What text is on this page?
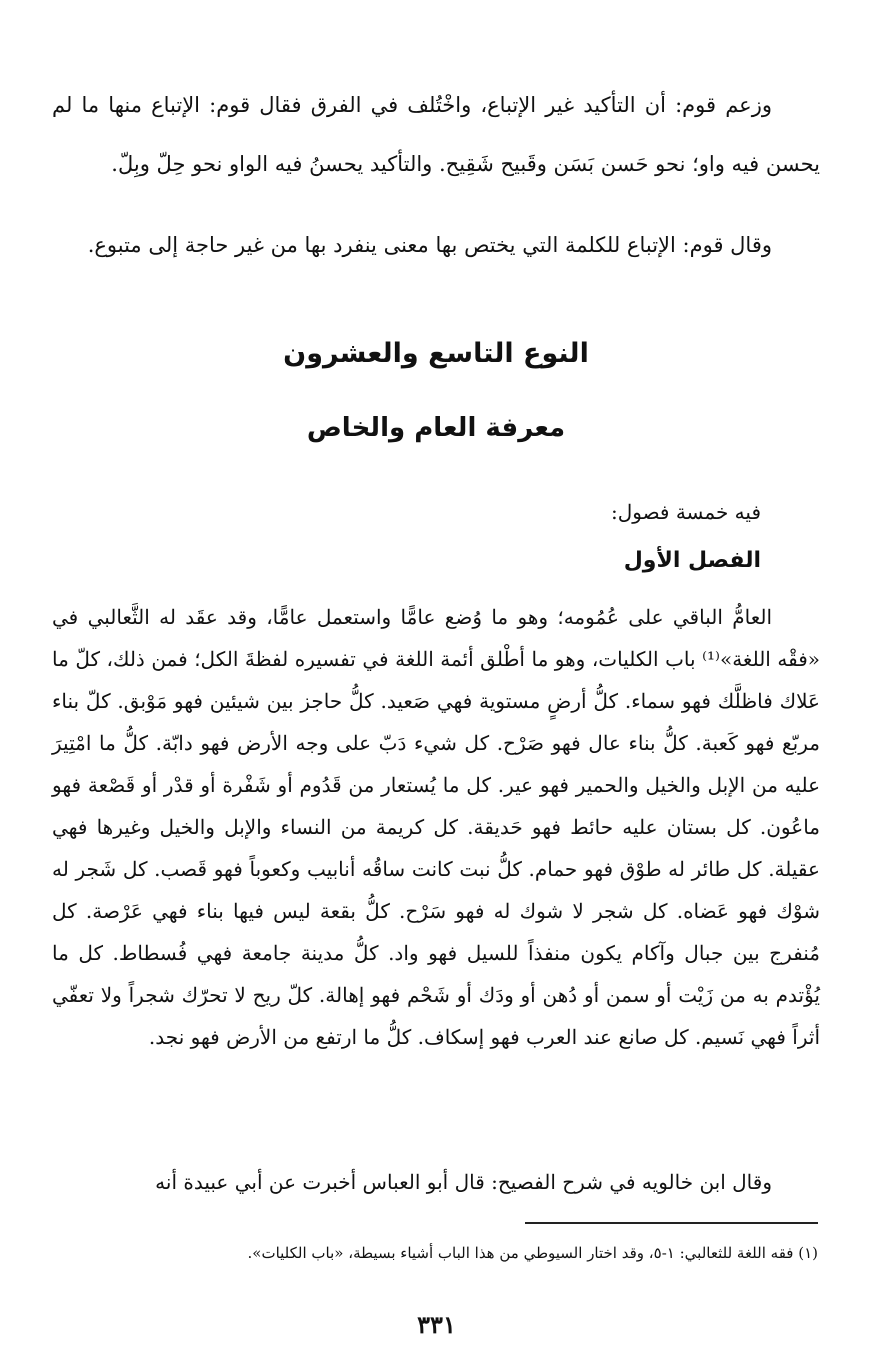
وزعم قوم: أن التأكيد غير الإتباع، واخْتُلف في الفرق فقال قوم: الإتباع منها ما لم يحسن فيه واو؛ نحو حَسن بَسَن وقَبيح شَقِيح. والتأكيد يحسنُ فيه الواو نحو حِلّ وبِلّ.

وقال قوم: الإتباع للكلمة التي يختص بها معنى ينفرد بها من غير حاجة إلى متبوع.

النوع التاسع والعشرون
معرفة العام والخاص

فيه خمسة فصول:

الفصل الأول

العامُّ الباقي على عُمُومه؛ وهو ما وُضع عامًّا واستعمل عامًّا، وقد عقَد له الثَّعالبي في «فقْه اللغة»⁽¹⁾ باب الكليات، وهو ما أطْلق أئمة اللغة في تفسيره لفظةَ الكل؛ فمن ذلك، كلّ ما عَلاك فاظلَّك فهو سماء. كلُّ أرضٍ مستوية فهي صَعيد. كلُّ حاجز بين شيئين فهو مَوْبق. كلّ بناء مربّع فهو كَعبة. كلُّ بناء عال فهو صَرْح. كل شيء دَبّ على وجه الأرض فهو دابّة. كلُّ ما امْتِيرَ عليه من الإبل والخيل والحمير فهو عير. كل ما يُستعار من قَدُوم أو شَفْرة أو قدْر أو قَصْعة فهو ماعُون. كل بستان عليه حائط فهو حَديقة. كل كريمة من النساء والإبل والخيل وغيرها فهي عقيلة. كل طائر له طوْق فهو حمام. كلُّ نبت كانت ساقُه أنابيب وكعوباً فهو قَصب. كل شَجر له شوْك فهو عَضاه. كل شجر لا شوك له فهو سَرْح. كلُّ بقعة ليس فيها بناء فهي عَرْصة. كل مُنفرج بين جبال وآكام يكون منفذاً للسيل فهو واد. كلُّ مدينة جامعة فهي فُسطاط. كل ما يُؤْتدم به من زَيْت أو سمن أو دُهن أو ودَك أو شَحْم فهو إهالة. كلّ ريح لا تحرّك شجراً ولا تعفّي أثراً فهي نَسيم. كل صانع عند العرب فهو إسكاف. كلُّ ما ارتفع من الأرض فهو نجد.

وقال ابن خالويه في شرح الفصيح: قال أبو العباس أخبرت عن أبي عبيدة أنه

(١) فقه اللغة للثعالبي: ١-٥، وقد اختار السيوطي من هذا الباب أشياء بسيطة، «باب الكليات».

٣٣١
